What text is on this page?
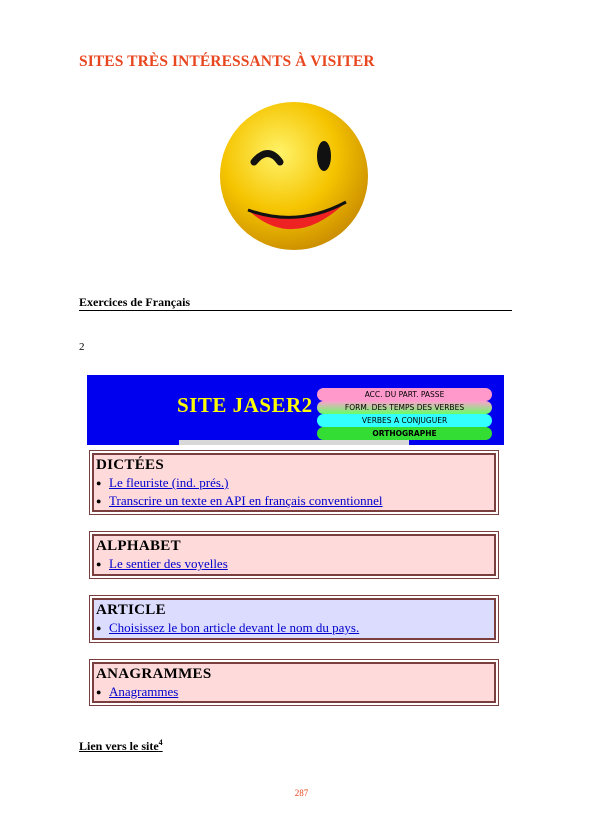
SITES TRÈS INTÉRESSANTS À VISITER
Exercices de Français
2
SITE JASER2	ACC. DU PART. PASSE
FORM. DES TEMPS DES VERBES
VERBES A CONJUGUER
ORTHOGRAPHE
DICTÉES
● Le fleuriste (ind. prés.)
● Transcrire un texte en API en français conventionnel
ALPHABET
● Le sentier des voyelles
ARTICLE
● Choisissez le bon article devant le nom du pays.
ANAGRAMMES
● Anagrammes
Lien vers le site$^4$
287
